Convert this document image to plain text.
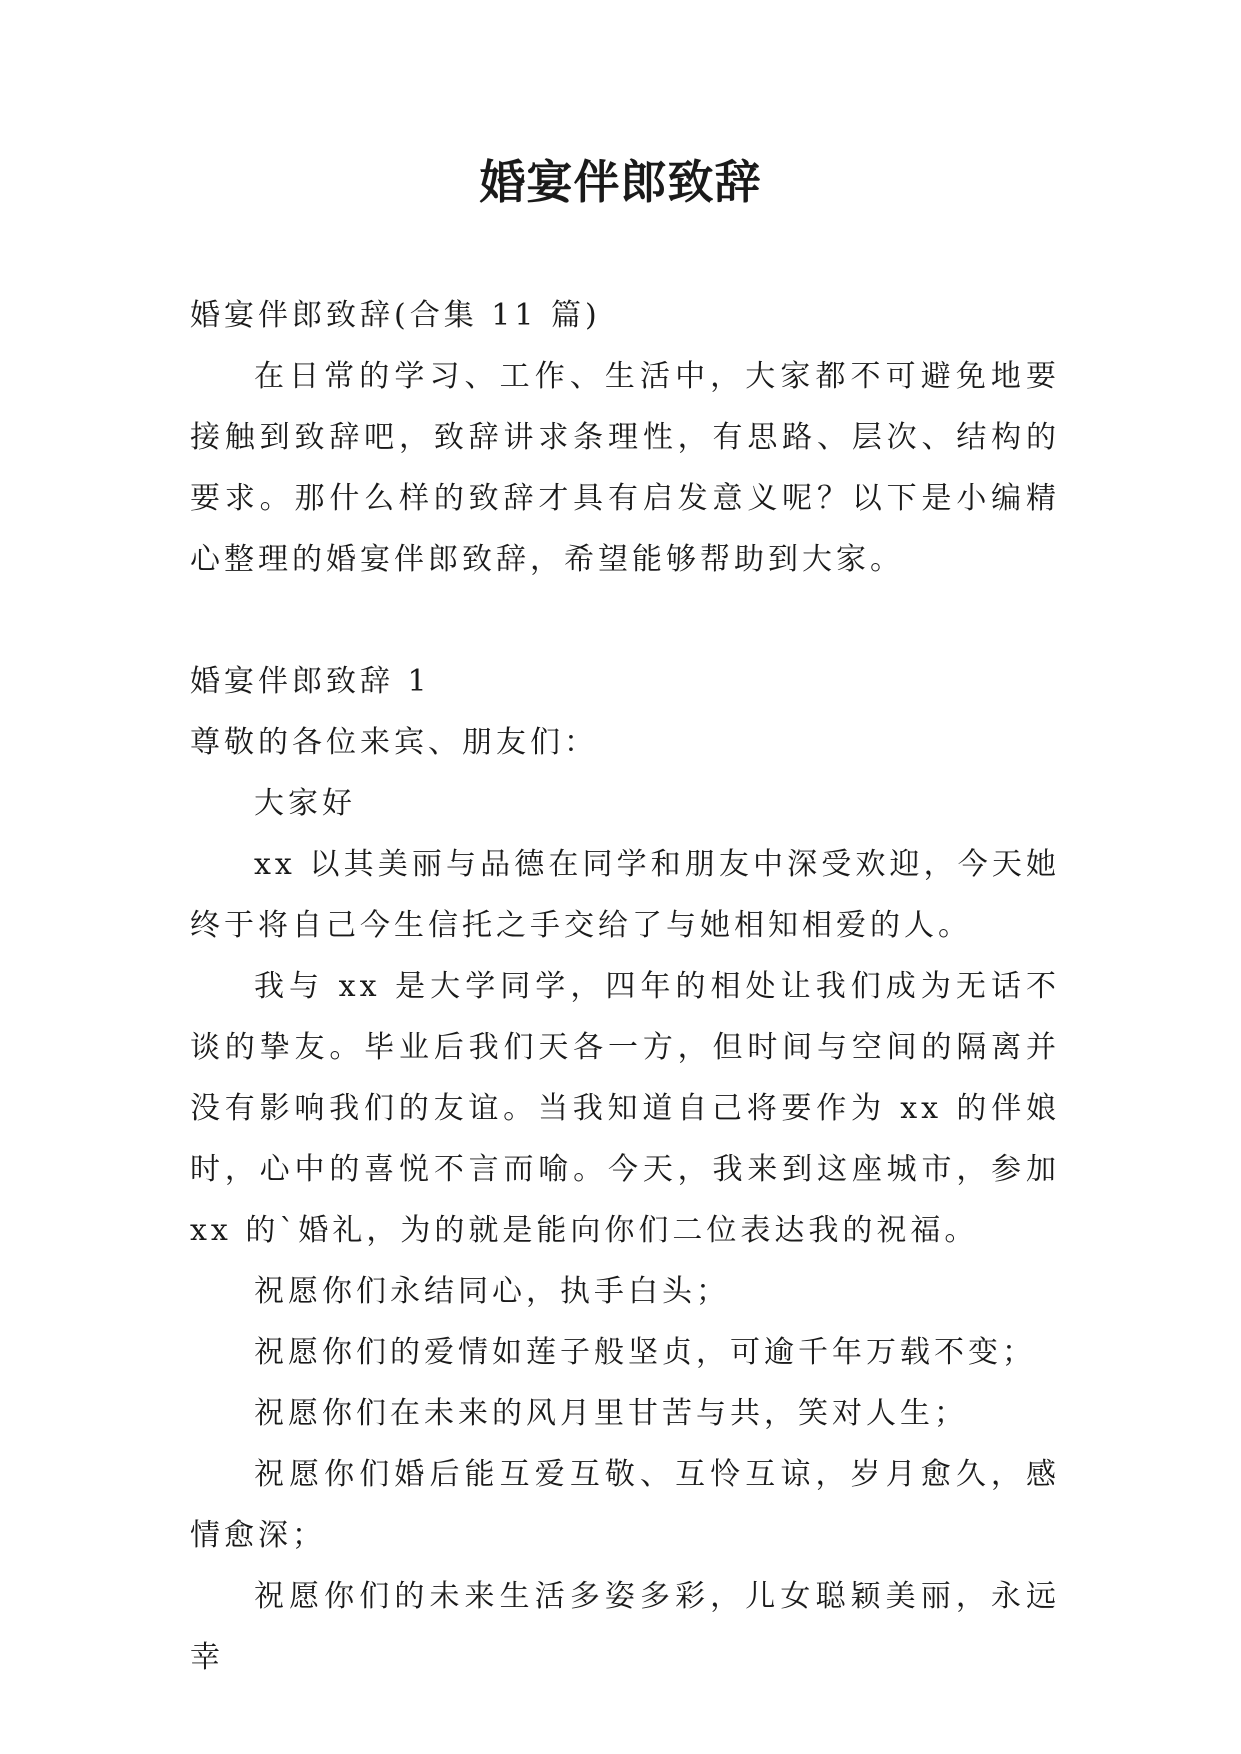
婚宴伴郎致辞

婚宴伴郎致辞(合集 11 篇)

在日常的学习、工作、生活中，大家都不可避免地要接触到致辞吧，致辞讲求条理性，有思路、层次、结构的要求。那什么样的致辞才具有启发意义呢？以下是小编精心整理的婚宴伴郎致辞，希望能够帮助到大家。

婚宴伴郎致辞 1

尊敬的各位来宾、朋友们：

大家好

xx 以其美丽与品德在同学和朋友中深受欢迎，今天她终于将自己今生信托之手交给了与她相知相爱的人。

我与 xx 是大学同学，四年的相处让我们成为无话不谈的挚友。毕业后我们天各一方，但时间与空间的隔离并没有影响我们的友谊。当我知道自己将要作为 xx 的伴娘时，心中的喜悦不言而喻。今天，我来到这座城市，参加 xx 的`婚礼，为的就是能向你们二位表达我的祝福。

祝愿你们永结同心，执手白头；

祝愿你们的爱情如莲子般坚贞，可逾千年万载不变；

祝愿你们在未来的风月里甘苦与共，笑对人生；

祝愿你们婚后能互爱互敬、互怜互谅，岁月愈久，感情愈深；

祝愿你们的未来生活多姿多彩，儿女聪颖美丽，永远幸
